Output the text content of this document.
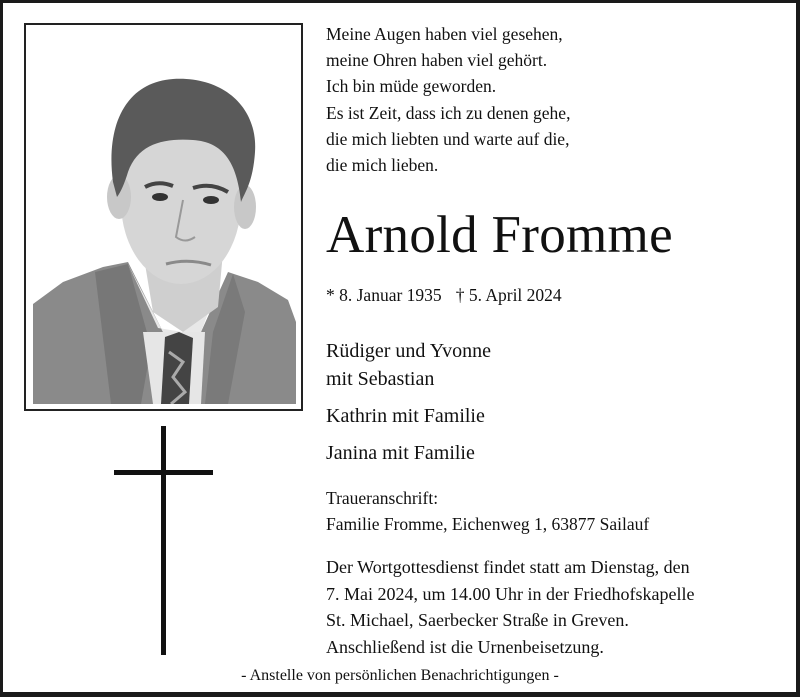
Meine Augen haben viel gesehen,
meine Ohren haben viel gehört.
Ich bin müde geworden.
Es ist Zeit, dass ich zu denen gehe,
die mich liebten und warte auf die,
die mich lieben.
Arnold Fromme
* 8. Januar 1935 † 5. April 2024
Rüdiger und Yvonne
mit Sebastian
Kathrin mit Familie
Janina mit Familie
Traueranschrift:
Familie Fromme, Eichenweg 1, 63877 Sailauf
Der Wortgottesdienst findet statt am Dienstag, den
7. Mai 2024, um 14.00 Uhr in der Friedhofskapelle
St. Michael, Saerbecker Straße in Greven.
Anschließend ist die Urnenbeisetzung.
- Anstelle von persönlichen Benachrichtigungen -
